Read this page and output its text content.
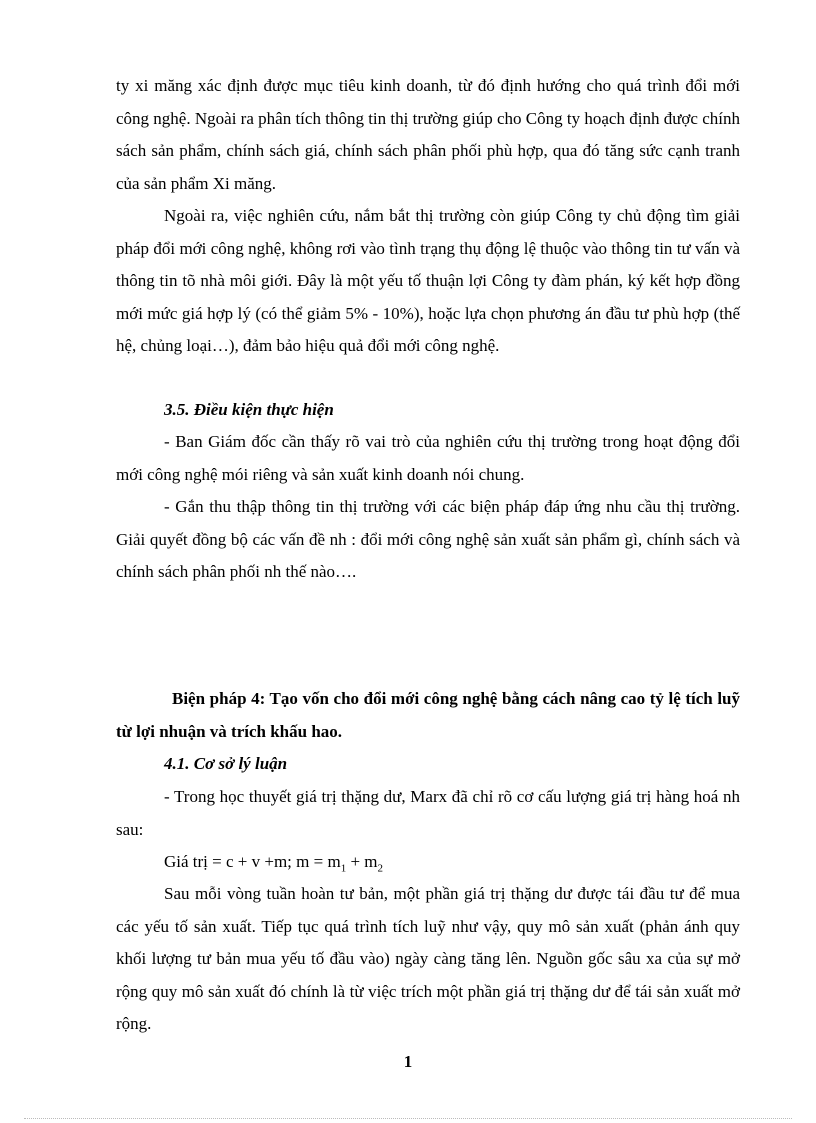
ty xi măng xác định được mục tiêu kinh doanh, từ đó định hướng cho quá trình đổi mới công nghệ. Ngoài ra phân tích thông tin thị trường giúp cho Công ty hoạch định được chính sách sản phẩm, chính sách giá, chính sách phân phối phù hợp, qua đó tăng sức cạnh tranh của sản phẩm Xi măng.

Ngoài ra, việc nghiên cứu, nắm bắt thị trường còn giúp Công ty chủ động tìm giải pháp đổi mới công nghệ, không rơi vào tình trạng thụ động lệ thuộc vào thông tin tư vấn và thông tin tõ nhà môi giới. Đây là một yếu tố thuận lợi Công ty đàm phán, ký kết hợp đồng mới mức giá hợp lý (có thể giảm 5% - 10%), hoặc lựa chọn phương án đầu tư phù hợp (thế hệ, chủng loại…), đảm bảo hiệu quả đổi mới công nghệ.

3.5. Điều kiện thực hiện

- Ban Giám đốc cần thấy rõ vai trò của nghiên cứu thị trường trong hoạt động đổi mới công nghệ mói riêng và sản xuất kinh doanh nói chung.

- Gắn thu thập thông tin thị trường với các biện pháp đáp ứng nhu cầu thị trường. Giải quyết đồng bộ các vấn đề nh : đổi mới công nghệ sản xuất sản phẩm gì, chính sách và chính sách phân phối nh thế nào….

Biện pháp 4: Tạo vốn cho đổi mới công nghệ bằng cách nâng cao tỷ lệ tích luỹ từ lợi nhuận và trích khấu hao.

4.1. Cơ sở lý luận

- Trong học thuyết giá trị thặng dư, Marx đã chỉ rõ cơ cấu lượng giá trị hàng hoá nh sau:

Giá trị = c + v +m; $m = m_1 + m_2$

Sau mỗi vòng tuần hoàn tư bản, một phần giá trị thặng dư được tái đầu tư để mua các yếu tố sản xuất. Tiếp tục quá trình tích luỹ như vậy, quy mô sản xuất (phản ánh quy khối lượng tư bản mua yếu tố đầu vào) ngày càng tăng lên. Nguồn gốc sâu xa của sự mở rộng quy mô sản xuất đó chính là từ việc trích một phần giá trị thặng dư để tái sản xuất mở rộng.

1
